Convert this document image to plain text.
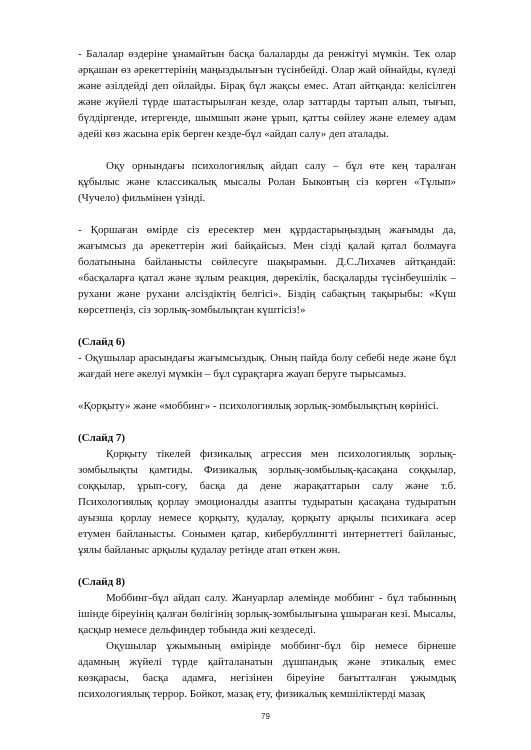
- Балалар өздеріне ұнамайтын басқа балаларды да ренжітуі мүмкін. Тек олар әрқашан өз әрекеттерінің маңыздылығын түсінбейді. Олар жай ойнайды, күледі және әзілдейді деп ойлайды. Бірақ бұл жақсы емес. Атап айтқанда: келісілген және жүйелі түрде шатастырылған кезде, олар заттарды тартып алып, тығып, бүлдіргенде, итергенде, шымшып және ұрып, қатты сөйлеу және елемеу адам әдейі көз жасына ерік берген кезде-бұл «айдап салу» деп аталады.

Оқу орнындағы психологиялық айдап салу – бұл өте кең таралған құбылыс және классикалық мысалы Ролан Быковтың сіз көрген «Тұлып» (Чучело) фильмінен үзінді.

- Қоршаған өмірде сіз ересектер мен құрдастарыңыздың жағымды да, жағымсыз да әрекеттерін жиі байқайсыз. Мен сізді қалай қатал болмауға болатынына байланысты сөйлесуге шақырамын. Д.С.Лихачев айтқандай: «басқаларға қатал және зұлым реакция, дөрекілік, басқаларды түсінбеушілік – рухани және рухани әлсіздіктің белгісі». Біздің сабақтың тақырыбы: «Күш көрсетпеңіз, сіз зорлық-зомбылықтан күштісіз!»

(Слайд 6)

- Оқушылар арасындағы жағымсыздық. Оның пайда болу себебі неде және бұл жағдай неге әкелуі мүмкін – бұл сұрақтарға жауап беруге тырысамыз.

«Қорқыту» және «моббинг» - психологиялық зорлық-зомбылықтың көрінісі.

(Слайд 7)

Қорқыту тікелей физикалық агрессия мен психологиялық зорлық-зомбылықты қамтиды. Физикалық зорлық-зомбылық-қасақана соққылар, соққылар, ұрып-соғу, басқа да дене жарақаттарын салу және т.б. Психологиялық қорлау эмоционалды азапты тудыратын қасақана тудыратын ауызша қорлау немесе қорқыту, қудалау, қорқыту арқылы психикаға әсер етумен байланысты. Сонымен қатар, кибербуллингті интернеттегі байланыс, ұялы байланыс арқылы қудалау ретінде атап өткен жөн.

(Слайд 8)

Моббинг-бұл айдап салу. Жануарлар әлемінде моббинг - бұл табынның ішінде біреуінің қалған бөлігінің зорлық-зомбылығына ұшыраған кезі. Мысалы, қасқыр немесе дельфиндер тобында жиі кездеседі.

Оқушылар ұжымының өмірінде моббинг-бұл бір немесе бірнеше адамның жүйелі түрде қайталанатын дұшпандық және этикалық емес көзқарасы, басқа адамға, негізінен біреуіне бағытталған ұжымдық психологиялық террор. Бойкот, мазақ ету, физикалық кемшіліктерді мазақ

79
